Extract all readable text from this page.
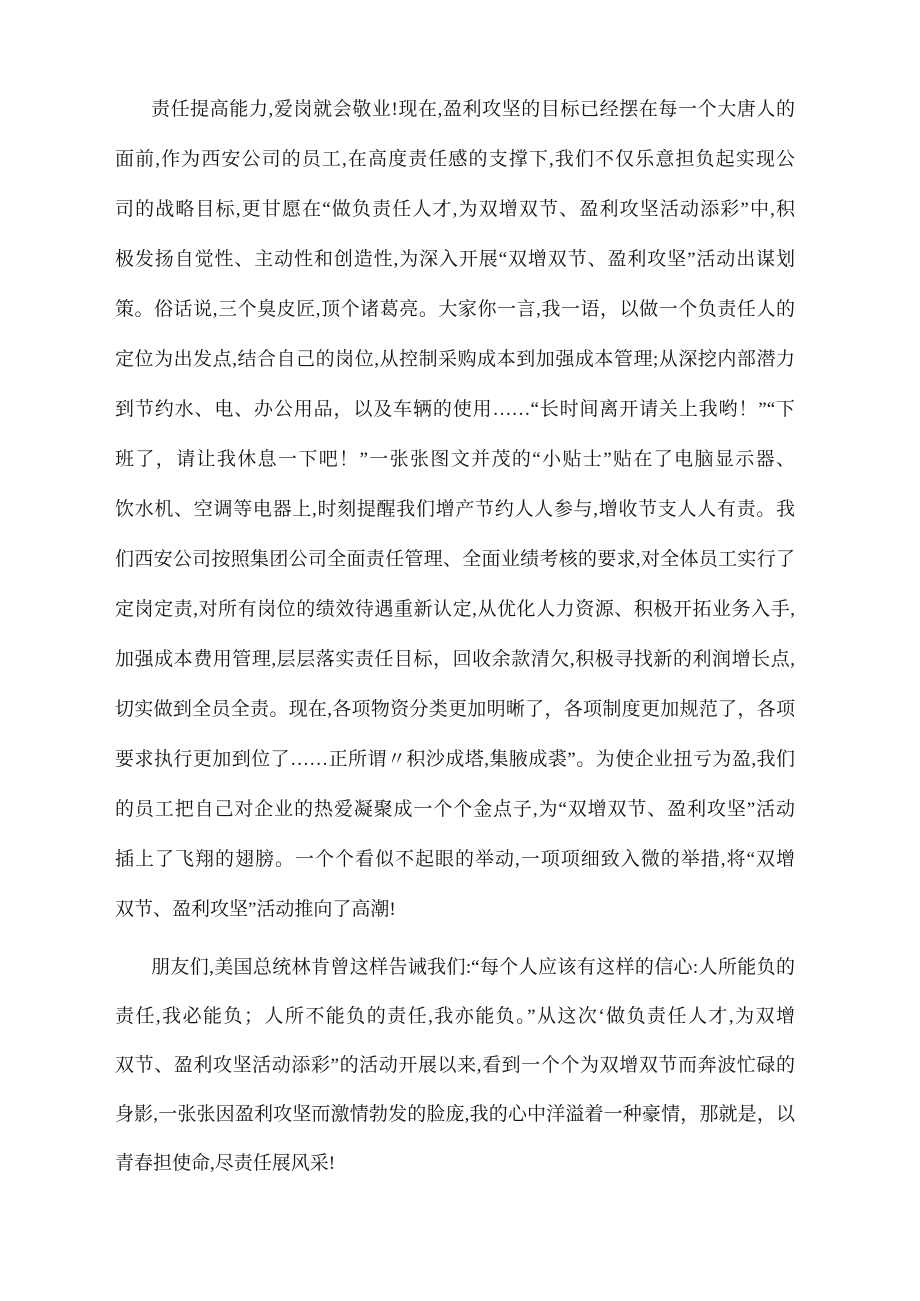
责任提高能力,爱岗就会敬业!现在,盈利攻坚的目标已经摆在每一个大唐人的
面前,作为西安公司的员工,在高度责任感的支撑下,我们不仅乐意担负起实现公
司的战略目标,更甘愿在“做负责任人才,为双增双节、盈利攻坚活动添彩”中,积
极发扬自觉性、主动性和创造性,为深入开展“双增双节、盈利攻坚”活动出谋划
策。俗话说,三个臭皮匠,顶个诸葛亮。大家你一言,我一语，以做一个负责任人的
定位为出发点,结合自己的岗位,从控制采购成本到加强成本管理;从深挖内部潜力
到节约水、电、办公用品，以及车辆的使用……“长时间离开请关上我哟！”“下
班了，请让我休息一下吧！”一张张图文并茂的“小贴士”贴在了电脑显示器、
饮水机、空调等电器上,时刻提醒我们增产节约人人参与,增收节支人人有责。我
们西安公司按照集团公司全面责任管理、全面业绩考核的要求,对全体员工实行了
定岗定责,对所有岗位的绩效待遇重新认定,从优化人力资源、积极开拓业务入手,
加强成本费用管理,层层落实责任目标，回收余款清欠,积极寻找新的利润增长点,
切实做到全员全责。现在,各项物资分类更加明晰了，各项制度更加规范了，各项
要求执行更加到位了……正所谓〃积沙成塔,集腋成裘”。为使企业扭亏为盈,我们
的员工把自己对企业的热爱凝聚成一个个金点子,为“双增双节、盈利攻坚”活动
插上了飞翔的翅膀。一个个看似不起眼的举动,一项项细致入微的举措,将“双增
双节、盈利攻坚”活动推向了高潮!
朋友们,美国总统林肯曾这样告诫我们:“每个人应该有这样的信心:人所能负的
责任,我必能负；人所不能负的责任,我亦能负。”从这次‘做负责任人才,为双增
双节、盈利攻坚活动添彩”的活动开展以来,看到一个个为双增双节而奔波忙碌的
身影,一张张因盈利攻坚而激情勃发的脸庞,我的心中洋溢着一种豪情，那就是，以
青春担使命,尽责任展风采!
